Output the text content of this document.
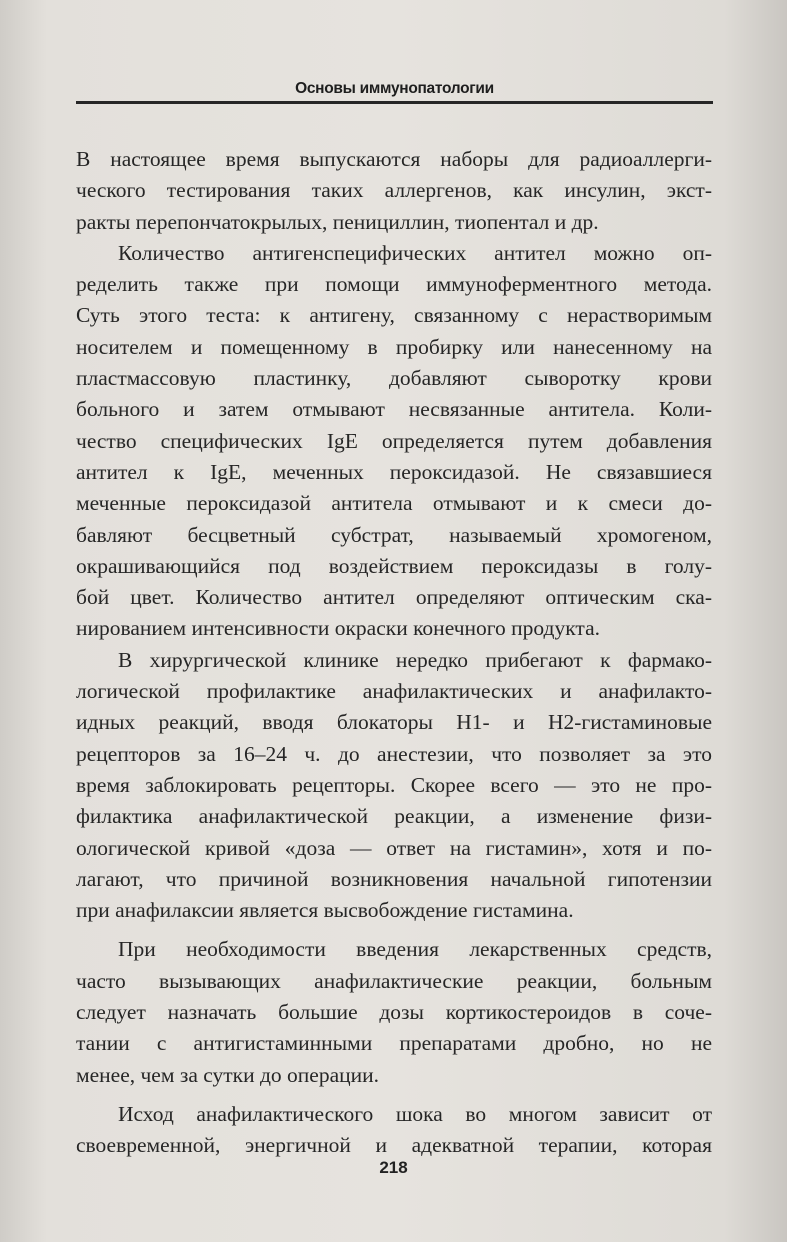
Основы иммунопатологии

В настоящее время выпускаются наборы для радиоаллерги-
ческого тестирования таких аллергенов, как инсулин, экст-
ракты перепончатокрылых, пенициллин, тиопентал и др.

Количество антигенспецифических антител можно оп-
ределить также при помощи иммуноферментного метода.
Суть этого теста: к антигену, связанному с нерастворимым
носителем и помещенному в пробирку или нанесенному на
пластмассовую пластинку, добавляют сыворотку крови
больного и затем отмывают несвязанные антитела. Коли-
чество специфических IgE определяется путем добавления
антител к IgE, меченных пероксидазой. Не связавшиеся
меченные пероксидазой антитела отмывают и к смеси до-
бавляют бесцветный субстрат, называемый хромогеном,
окрашивающийся под воздействием пероксидазы в голу-
бой цвет. Количество антител определяют оптическим ска-
нированием интенсивности окраски конечного продукта.

В хирургической клинике нередко прибегают к фармако-
логической профилактике анафилактических и анафилакто-
идных реакций, вводя блокаторы H1- и H2-гистаминовые
рецепторов за 16–24 ч. до анестезии, что позволяет за это
время заблокировать рецепторы. Скорее всего — это не про-
филактика анафилактической реакции, а изменение физи-
ологической кривой «доза — ответ на гистамин», хотя и по-
лагают, что причиной возникновения начальной гипотензии
при анафилаксии является высвобождение гистамина.

При необходимости введения лекарственных средств,
часто вызывающих анафилактические реакции, больным
следует назначать большие дозы кортикостероидов в соче-
тании с антигистаминными препаратами дробно, но не
менее, чем за сутки до операции.

Исход анафилактического шока во многом зависит от
своевременной, энергичной и адекватной терапии, которая

218
